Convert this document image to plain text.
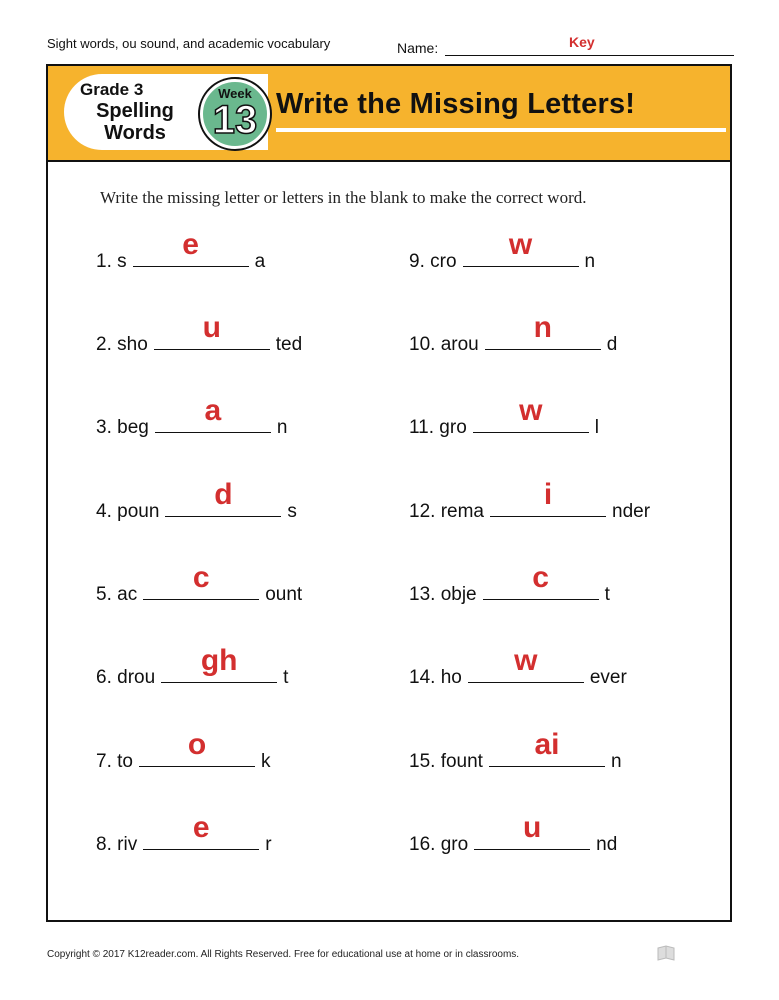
Sight words, ou sound, and academic vocabulary	Name:	Key
Grade 3
Spelling
Words
Week
13 Write the Missing Letters!
Write the missing letter or letters in the blank to make the correct word.
1. s
e
a
2. sho
u
ted
3. beg
a
n
4. poun
d
s
5. ac
c
ount
6. drou
gh
t
7. to
o
k
8. riv
e
r
9. cro
w
n
10. arou
n
d
11. gro
w
l
12. rema
i
nder
13. obje
c
t
14. ho
w
ever
15. fount
ai
n
16. gro
u
nd
Copyright © 2017 K12reader.com. All Rights Reserved. Free for educational use at home or in classrooms.
